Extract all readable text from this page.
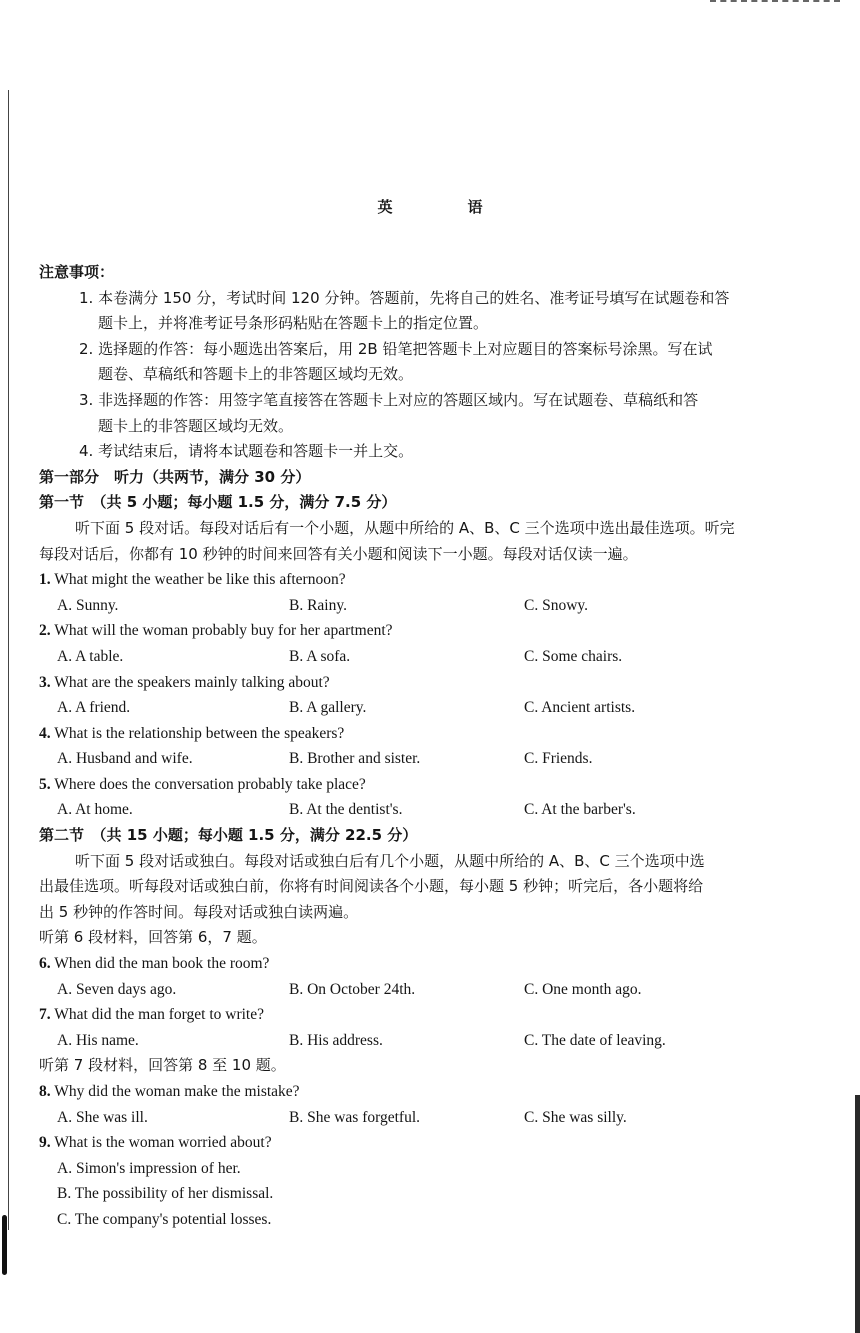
英　语
注意事项：
1. 本卷满分 150 分，考试时间 120 分钟。答题前，先将自己的姓名、准考证号填写在试题卷和答
题卡上，并将准考证号条形码粘贴在答题卡上的指定位置。
2. 选择题的作答：每小题选出答案后，用 2B 铅笔把答题卡上对应题目的答案标号涂黑。写在试
题卷、草稿纸和答题卡上的非答题区域均无效。
3. 非选择题的作答：用签字笔直接答在答题卡上对应的答题区域内。写在试题卷、草稿纸和答
题卡上的非答题区域均无效。
4. 考试结束后，请将本试题卷和答题卡一并上交。
第一部分　听力（共两节，满分 30 分）
第一节　（共 5 小题；每小题 1.5 分，满分 7.5 分）
听下面 5 段对话。每段对话后有一个小题，从题中所给的 A、B、C 三个选项中选出最佳选项。听完
每段对话后，你都有 10 秒钟的时间来回答有关小题和阅读下一小题。每段对话仅读一遍。
1. What might the weather be like this afternoon?
A. Sunny.	B. Rainy.	C. Snowy.
2. What will the woman probably buy for her apartment?
A. A table.	B. A sofa.	C. Some chairs.
3. What are the speakers mainly talking about?
A. A friend.	B. A gallery.	C. Ancient artists.
4. What is the relationship between the speakers?
A. Husband and wife.	B. Brother and sister.	C. Friends.
5. Where does the conversation probably take place?
A. At home.	B. At the dentist's.	C. At the barber's.
第二节　（共 15 小题；每小题 1.5 分，满分 22.5 分）
听下面 5 段对话或独白。每段对话或独白后有几个小题，从题中所给的 A、B、C 三个选项中选
出最佳选项。听每段对话或独白前，你将有时间阅读各个小题，每小题 5 秒钟；听完后，各小题将给
出 5 秒钟的作答时间。每段对话或独白读两遍。
听第 6 段材料，回答第 6，7 题。
6. When did the man book the room?
A. Seven days ago.	B. On October 24th.	C. One month ago.
7. What did the man forget to write?
A. His name.	B. His address.	C. The date of leaving.
听第 7 段材料，回答第 8 至 10 题。
8. Why did the woman make the mistake?
A. She was ill.	B. She was forgetful.	C. She was silly.
9. What is the woman worried about?
A. Simon's impression of her.
B. The possibility of her dismissal.
C. The company's potential losses.
